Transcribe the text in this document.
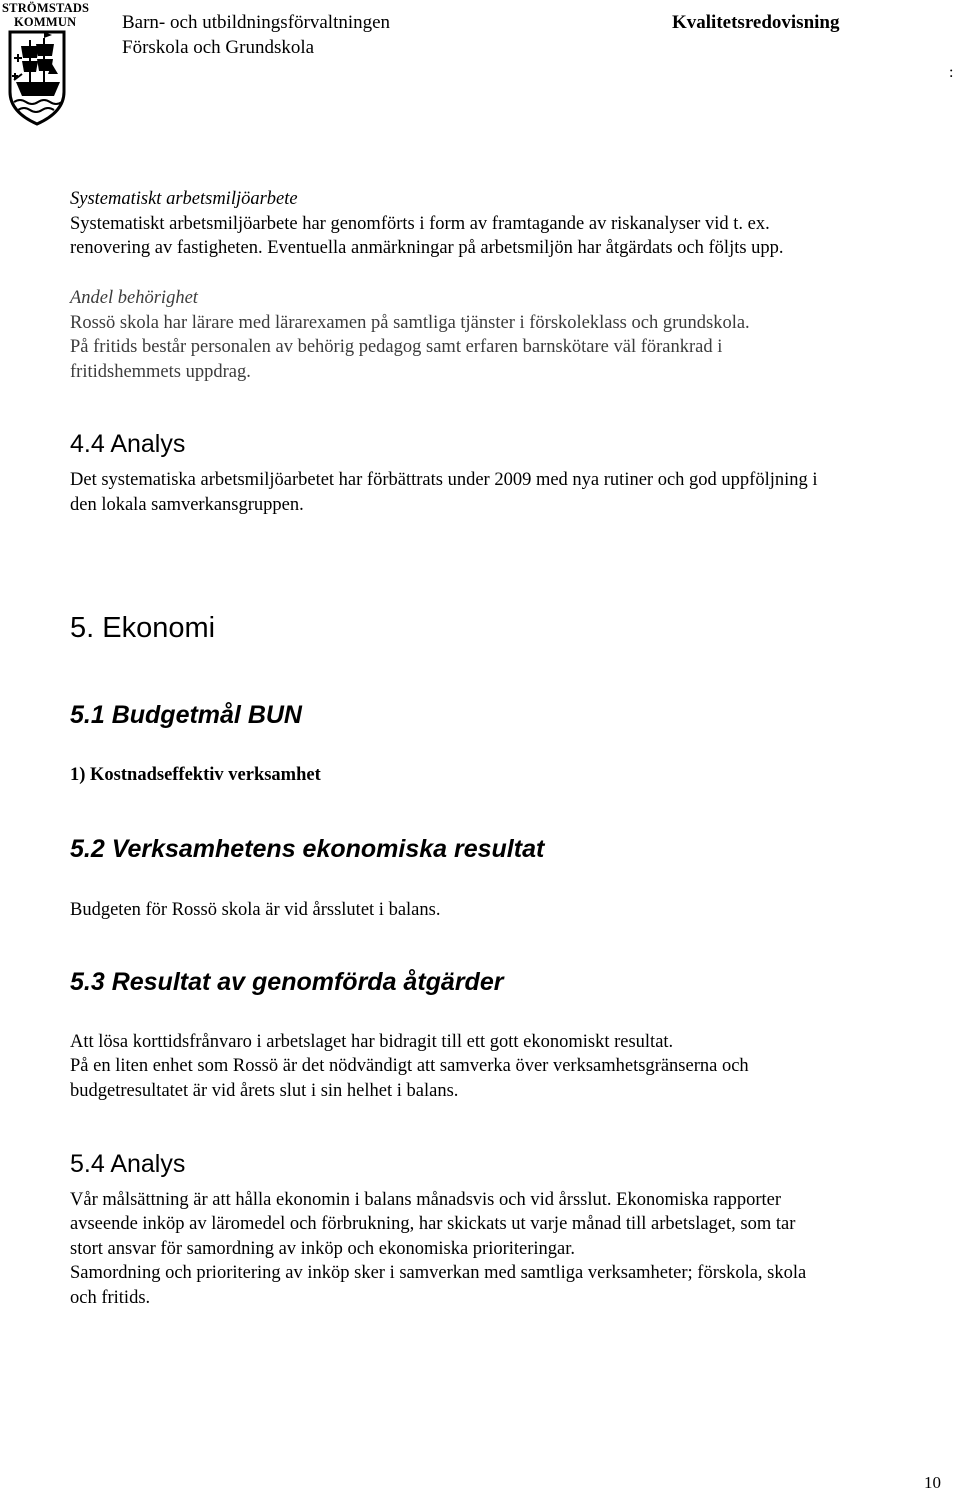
STRÖMSTADS
KOMMUN Barn- och utbildningsförvaltningen
Förskola och Grundskola
Kvalitetsredovisning
:
Systematiskt arbetsmiljöarbete
Systematiskt arbetsmiljöarbete har genomförts i form av framtagande av riskanalyser vid t. ex.
renovering av fastigheten. Eventuella anmärkningar på arbetsmiljön har åtgärdats och följts upp.
Andel behörighet
Rossö skola har lärare med lärarexamen på samtliga tjänster i förskoleklass och grundskola.
På fritids består personalen av behörig pedagog samt erfaren barnskötare väl förankrad i
fritidshemmets uppdrag.
4.4 Analys
Det systematiska arbetsmiljöarbetet har förbättrats under 2009 med nya rutiner och god uppföljning i
den lokala samverkansgruppen.
5. Ekonomi
5.1 Budgetmål BUN
1) Kostnadseffektiv verksamhet
5.2 Verksamhetens ekonomiska resultat
Budgeten för Rossö skola är vid årsslutet i balans.
5.3 Resultat av genomförda åtgärder
Att lösa korttidsfrånvaro i arbetslaget har bidragit till ett gott ekonomiskt resultat.
På en liten enhet som Rossö är det nödvändigt att samverka över verksamhetsgränserna och
budgetresultatet är vid årets slut i sin helhet i balans.
5.4 Analys
Vår målsättning är att hålla ekonomin i balans månadsvis och vid årsslut. Ekonomiska rapporter
avseende inköp av läromedel och förbrukning, har skickats ut varje månad till arbetslaget, som tar
stort ansvar för samordning av inköp och ekonomiska prioriteringar.
Samordning och prioritering av inköp sker i samverkan med samtliga verksamheter; förskola, skola
och fritids.
10
